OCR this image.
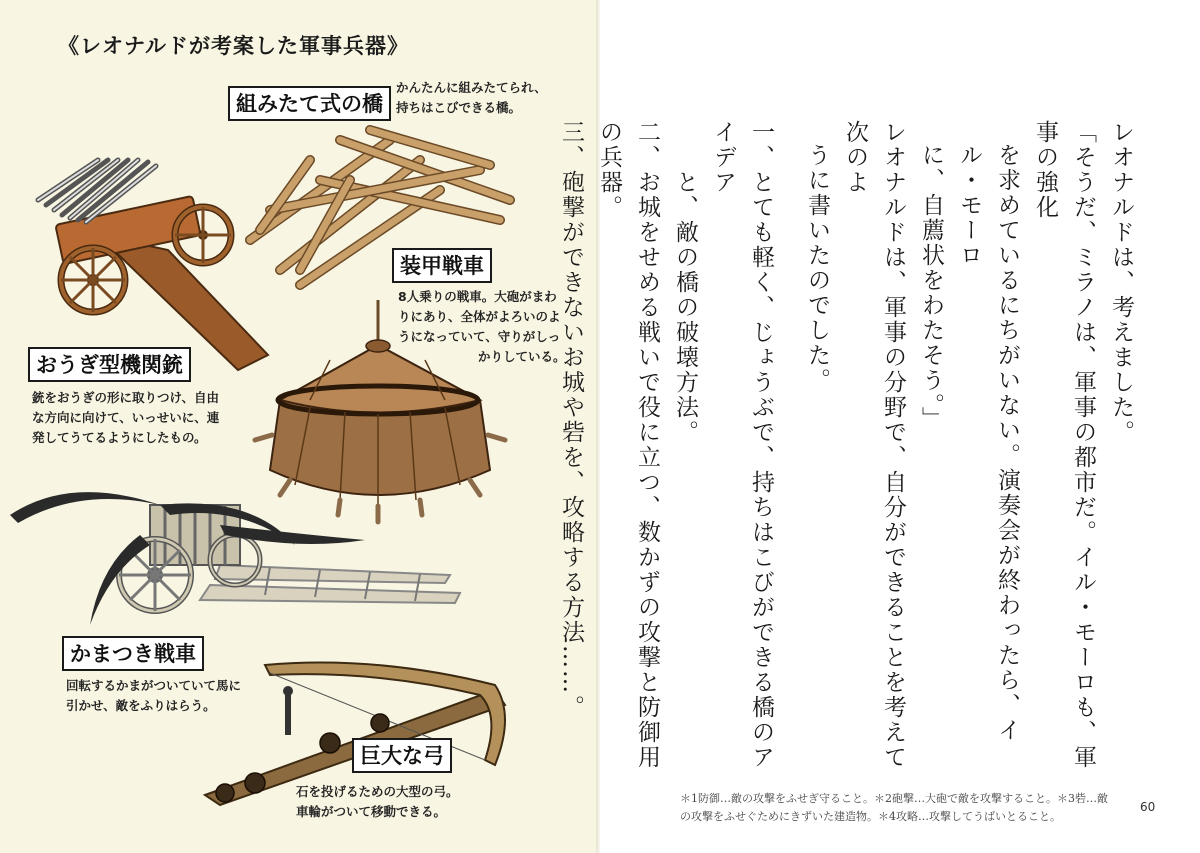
《レオナルドが考案した軍事兵器》
組みたて式の橋
かんたんに組みたてられ、
持ちはこびできる橋。
装甲戦車
8人乗りの戦車。大砲がまわ
りにあり、全体がよろいのよ
うになっていて、守りがしっ
かりしている。
おうぎ型機関銃
銃をおうぎの形に取りつけ、自由
な方向に向けて、いっせいに、連
発してうてるようにしたもの。
かまつき戦車
回転するかまがついていて馬に
引かせ、敵をふりはらう。
巨大な弓
石を投げるための大型の弓。
車輪がついて移動できる。
レオナルドは、考えました。
「そうだ、ミラノは、軍事の都市だ。イル・モーロも、軍事の強化
を求めているにちがいない。演奏会が終わったら、イル・モーロ
に、自薦状をわたそう。」
レオナルドは、軍事の分野で、自分ができることを考えて次のよ
うに書いたのでした。
一、とても軽く、じょうぶで、持ちはこびができる橋のアイデア
と、敵の橋の破壊方法。
二、お城をせめる戦いで役に立つ、数かずの攻撃と防御用の兵器。
三、砲撃ができないお城や砦を、攻略する方法……。
＊1防御…敵の攻撃をふせぎ守ること。＊2砲撃…大砲で敵を攻撃すること。＊3砦…敵
の攻撃をふせぐためにきずいた建造物。＊4攻略…攻撃してうばいとること。
60
